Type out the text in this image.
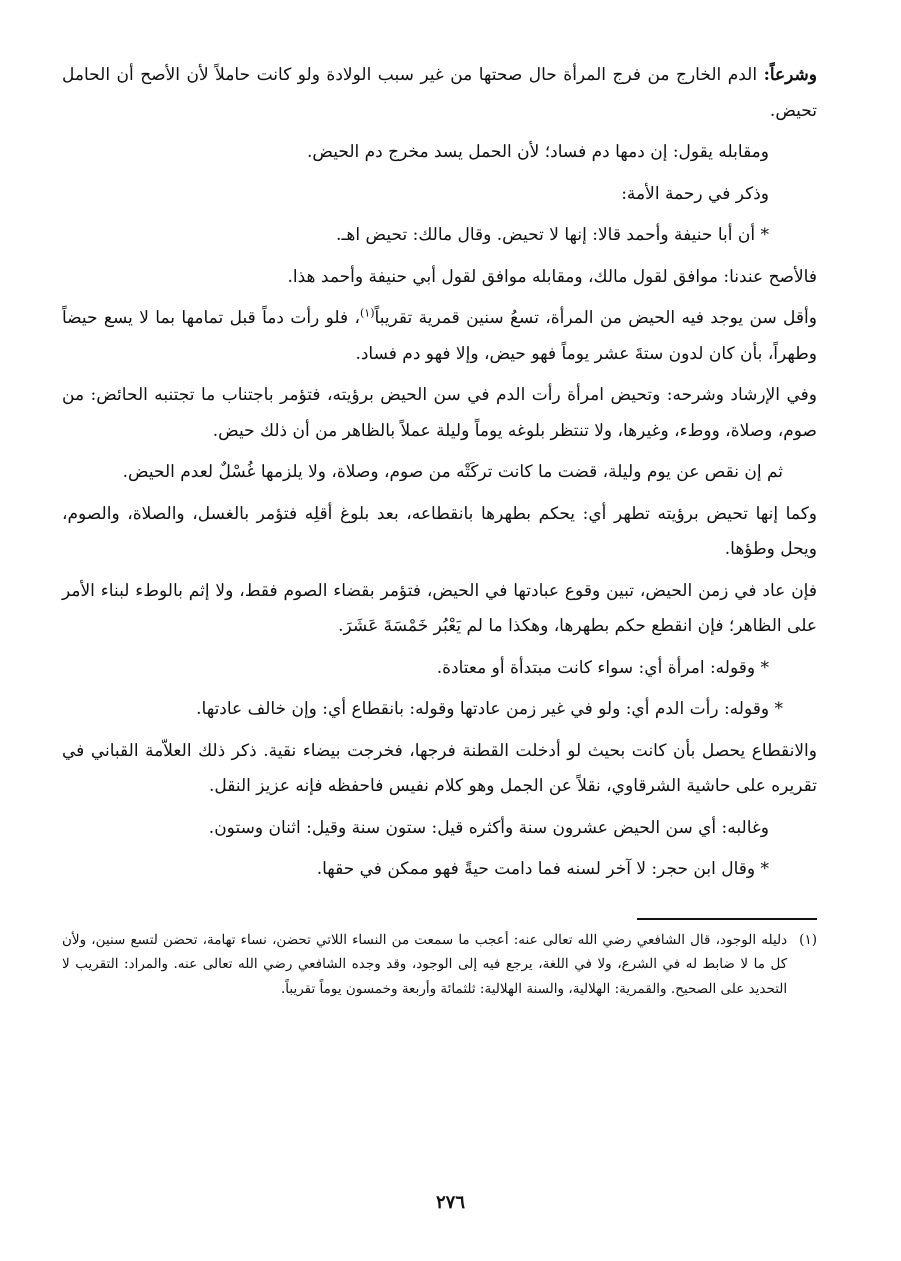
وشرعاً: الدم الخارج من فرج المرأة حال صحتها من غير سبب الولادة ولو كانت حاملاً لأن الأصح أن الحامل تحيض.

ومقابله يقول: إن دمها دم فساد؛ لأن الحمل يسد مخرج دم الحيض.

وذكر في رحمة الأمة:

* أن أبا حنيفة وأحمد قالا: إنها لا تحيض. وقال مالك: تحيض اهـ.

فالأصح عندنا: موافق لقول مالك، ومقابله موافق لقول أبي حنيفة وأحمد هذا.

وأقل سن يوجد فيه الحيض من المرأة، تسعُ سنين قمرية تقريباً$^{(١)}$، فلو رأت دماً قبل تمامها بما لا يسع حيضاً وطهراً، بأن كان لدون ستةَ عشر يوماً فهو حيض، وإلا فهو دم فساد.

وفي الإرشاد وشرحه: وتحيض امرأة رأت الدم في سن الحيض برؤيته، فتؤمر باجتناب ما تجتنبه الحائض: من صوم، وصلاة، ووطء، وغيرها، ولا تنتظر بلوغه يوماً وليلة عملاً بالظاهر من أن ذلك حيض.

ثم إن نقص عن يوم وليلة، قضت ما كانت تركَتْه من صوم، وصلاة، ولا يلزمها غُسْلٌ لعدم الحيض.

وكما إنها تحيض برؤيته تطهر أي: يحكم بطهرها بانقطاعه، بعد بلوغ أقلِه فتؤمر بالغسل، والصلاة، والصوم، ويحل وطؤها.

فإن عاد في زمن الحيض، تبين وقوع عبادتها في الحيض، فتؤمر بقضاء الصوم فقط، ولا إثم بالوطء لبناء الأمر على الظاهر؛ فإن انقطع حكم بطهرها، وهكذا ما لم يَعْبُر خَمْسَةَ عَشَرَ.

* وقوله: امرأة أي: سواء كانت مبتدأة أو معتادة.

* وقوله: رأت الدم أي: ولو في غير زمن عادتها وقوله: بانقطاع أي: وإن خالف عادتها.

والانقطاع يحصل بأن كانت بحيث لو أدخلت القطنة فرجها، فخرجت بيضاء نقية. ذكر ذلك العلاّمة القباني في تقريره على حاشية الشرقاوي، نقلاً عن الجمل وهو كلام نفيس فاحفظه فإنه عزيز النقل.

وغالبه: أي سن الحيض عشرون سنة وأكثره قيل: ستون سنة وقيل: اثنان وستون.

* وقال ابن حجر: لا آخر لسنه فما دامت حيةً فهو ممكن في حقها.

(١)
دليله الوجود، قال الشافعي رضي الله تعالى عنه: أعجب ما سمعت من النساء اللاتي تحضن، نساء تهامة، تحضن لتسع سنين، ولأن كل ما لا ضابط له في الشرع، ولا في اللغة، يرجع فيه إلى الوجود، وقد وجده الشافعي رضي الله تعالى عنه. والمراد: التقريب لا التحديد على الصحيح. والقمرية: الهلالية، والسنة الهلالية: ثلثمائة وأربعة وخمسون يوماً تقريباً.
٢٧٦
